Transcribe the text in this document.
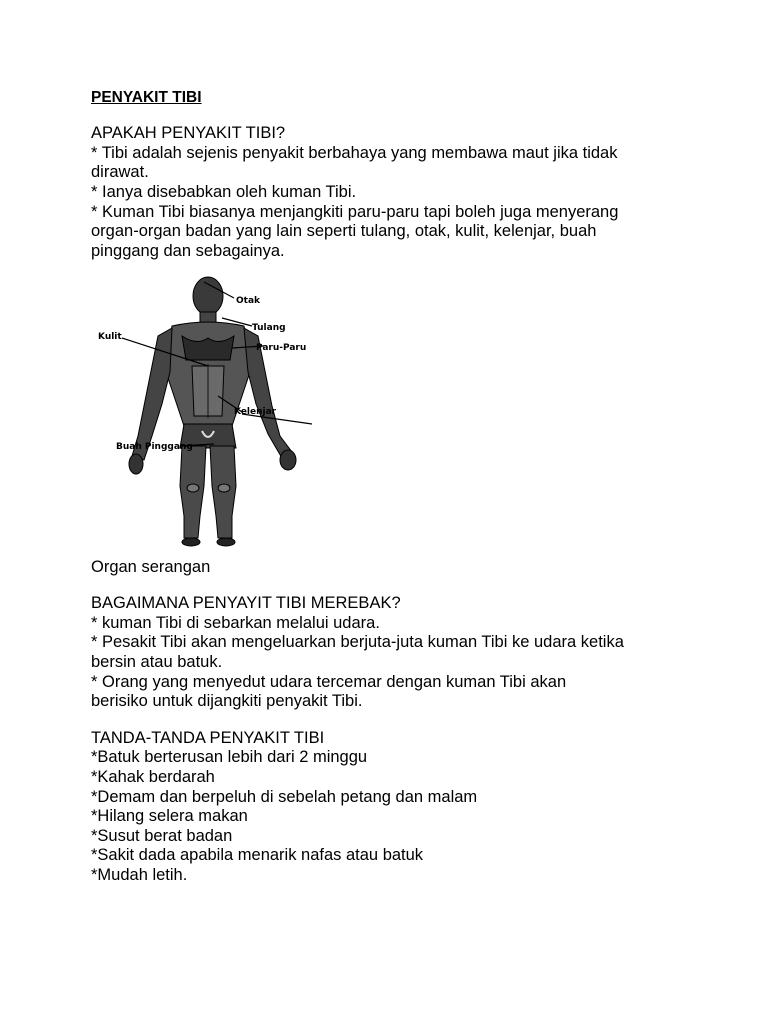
PENYAKIT TIBI
APAKAH PENYAKIT TIBI?
* Tibi adalah sejenis penyakit berbahaya yang membawa maut jika tidak
dirawat.
* Ianya disebabkan oleh kuman Tibi.
* Kuman Tibi biasanya menjangkiti paru-paru tapi boleh juga menyerang
organ-organ badan yang lain seperti tulang, otak, kulit, kelenjar, buah
pinggang dan sebagainya.
Otak
Tulang
Paru-Paru
Kulit
Kelenjar
Buah Pinggang
Organ serangan
BAGAIMANA PENYAYIT TIBI MEREBAK?
* kuman Tibi di sebarkan melalui udara.
* Pesakit Tibi akan mengeluarkan berjuta-juta kuman Tibi ke udara ketika
bersin atau batuk.
* Orang yang menyedut udara tercemar dengan kuman Tibi akan
berisiko untuk dijangkiti penyakit Tibi.
TANDA-TANDA PENYAKIT TIBI
*Batuk berterusan lebih dari 2 minggu
*Kahak berdarah
*Demam dan berpeluh di sebelah petang dan malam
*Hilang selera makan
*Susut berat badan
*Sakit dada apabila menarik nafas atau batuk
*Mudah letih.
